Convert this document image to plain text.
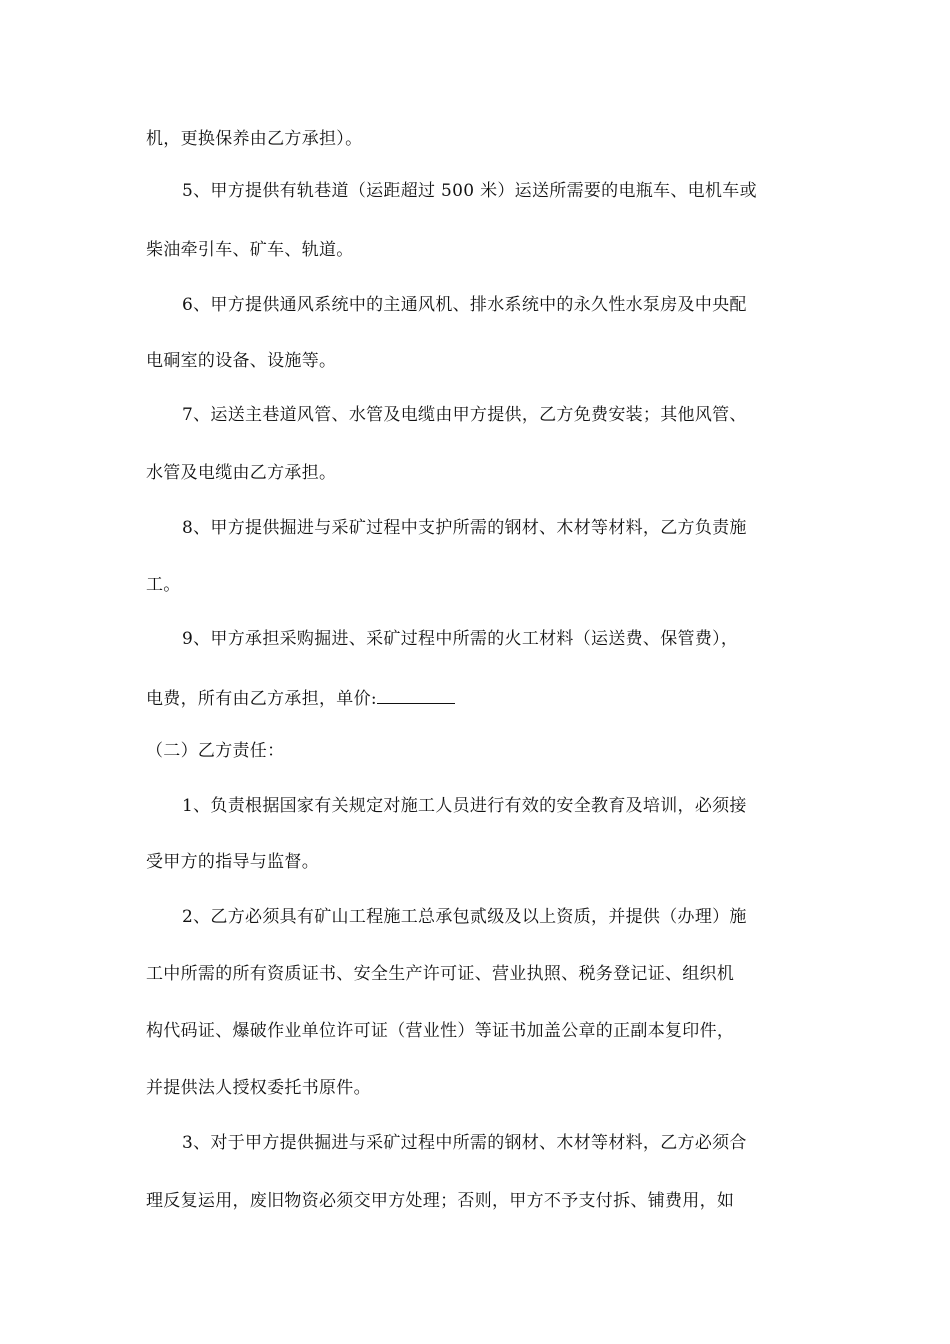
机，更换保养由乙方承担）。
5、甲方提供有轨巷道（运距超过 500 米）运送所需要的电瓶车、电机车或
柴油牵引车、矿车、轨道。
6、甲方提供通风系统中的主通风机、排水系统中的永久性水泵房及中央配
电硐室的设备、设施等。
7、运送主巷道风管、水管及电缆由甲方提供，乙方免费安装；其他风管、
水管及电缆由乙方承担。
8、甲方提供掘进与采矿过程中支护所需的钢材、木材等材料，乙方负责施
工。
9、甲方承担采购掘进、采矿过程中所需的火工材料（运送费、保管费），
电费，所有由乙方承担，单价:
（二）乙方责任：
1、负责根据国家有关规定对施工人员进行有效的安全教育及培训，必须接
受甲方的指导与监督。
2、乙方必须具有矿山工程施工总承包贰级及以上资质，并提供（办理）施
工中所需的所有资质证书、安全生产许可证、营业执照、税务登记证、组织机
构代码证、爆破作业单位许可证（营业性）等证书加盖公章的正副本复印件，
并提供法人授权委托书原件。
3、对于甲方提供掘进与采矿过程中所需的钢材、木材等材料，乙方必须合
理反复运用，废旧物资必须交甲方处理；否则，甲方不予支付拆、铺费用，如
